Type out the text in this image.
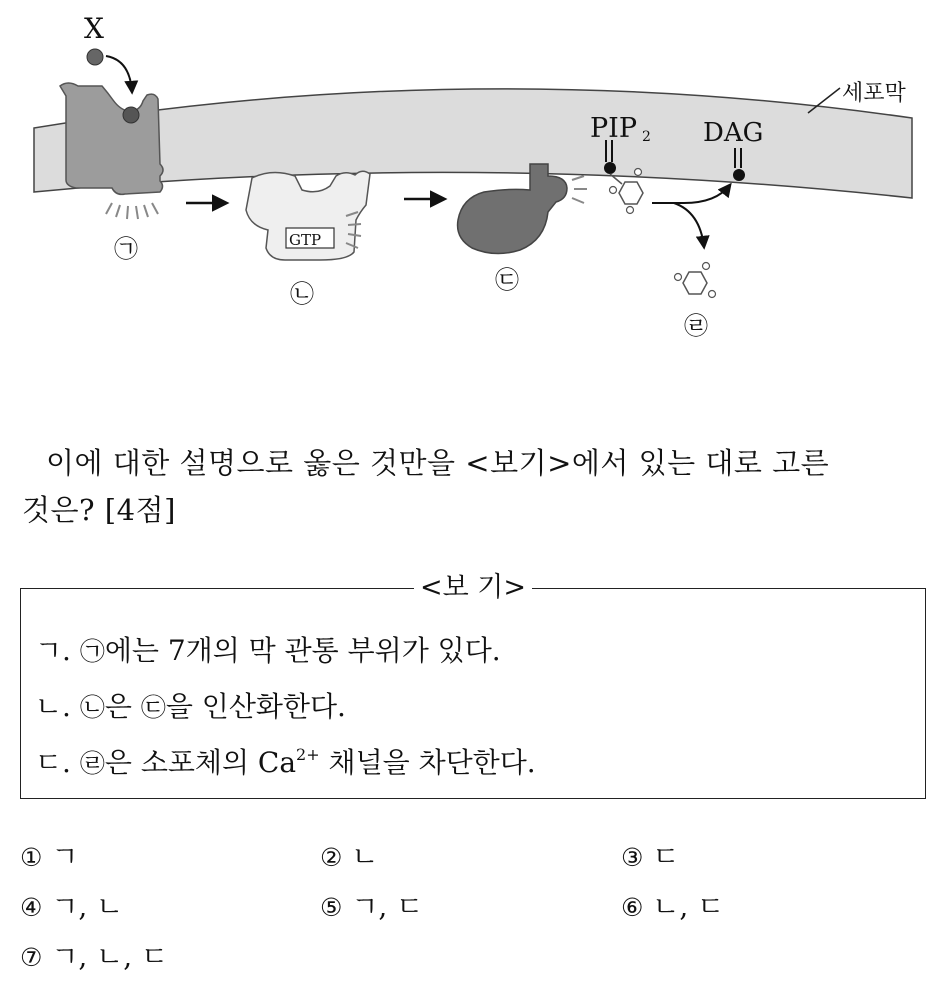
세포막
X
㉠	GTP
㉡	㉢
PIP 2 DAG
㉣
이에 대한 설명으로 옳은 것만을 <보기>에서 있는 대로 고른
것은? [4점]
<보 기>
ㄱ. ㉠에는 7개의 막 관통 부위가 있다.
ㄴ. ㉡은 ㉢을 인산화한다.
ㄷ. ㉣은 소포체의 $Ca^{2+}$ 채널을 차단한다.
① ㄱ	② ㄴ	③ ㄷ
④ ㄱ, ㄴ	⑤ ㄱ, ㄷ	⑥ ㄴ, ㄷ
⑦ ㄱ, ㄴ, ㄷ
